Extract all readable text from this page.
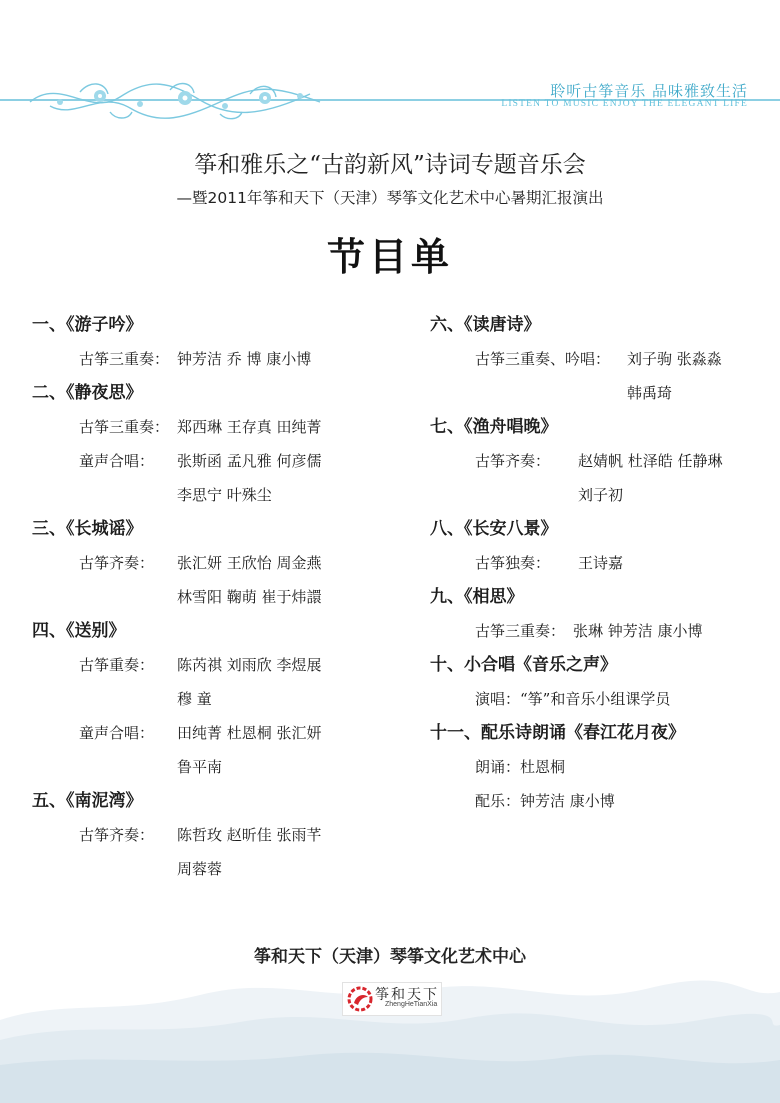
聆听古筝音乐 品味雅致生活
LISTEN TO MUSIC ENJOY THE ELEGANT LIFE
筝和雅乐之“古韵新风”诗词专题音乐会
—暨2011年筝和天下（天津）琴筝文化艺术中心暑期汇报演出
节目单
一、《游子吟》
古筝三重奏： 钟芳洁 乔 博 康小博
二、《静夜思》
古筝三重奏： 郑西琳 王存真 田纯菁
童声合唱：	张斯函 孟凡雅 何彦儒
李思宁 叶殊尘
三、《长城谣》
古筝齐奏：	张汇妍 王欣怡 周金燕
林雪阳 鞠萌 崔于炜譞
四、《送别》
古筝重奏：	陈芮祺 刘雨欣 李煜展
穆 童
童声合唱：	田纯菁 杜恩桐 张汇妍
鲁平南
五、《南泥湾》
古筝齐奏：	陈哲玫 赵昕佳 张雨芊
周蓉蓉
六、《读唐诗》
古筝三重奏、吟唱： 刘子驹 张淼淼
韩禹琦
七、《渔舟唱晚》
古筝齐奏： 赵婧帆 杜泽皓 任静琳
刘子初
八、《长安八景》
古筝独奏： 王诗嘉
九、《相思》
古筝三重奏： 张琳 钟芳洁 康小博
十、小合唱《音乐之声》
演唱： “筝”和音乐小组课学员
十一、配乐诗朗诵《春江花月夜》
朗诵： 杜恩桐
配乐： 钟芳洁 康小博
筝和天下（天津）琴筝文化艺术中心
筝和天下
ZhengHeTianXia
